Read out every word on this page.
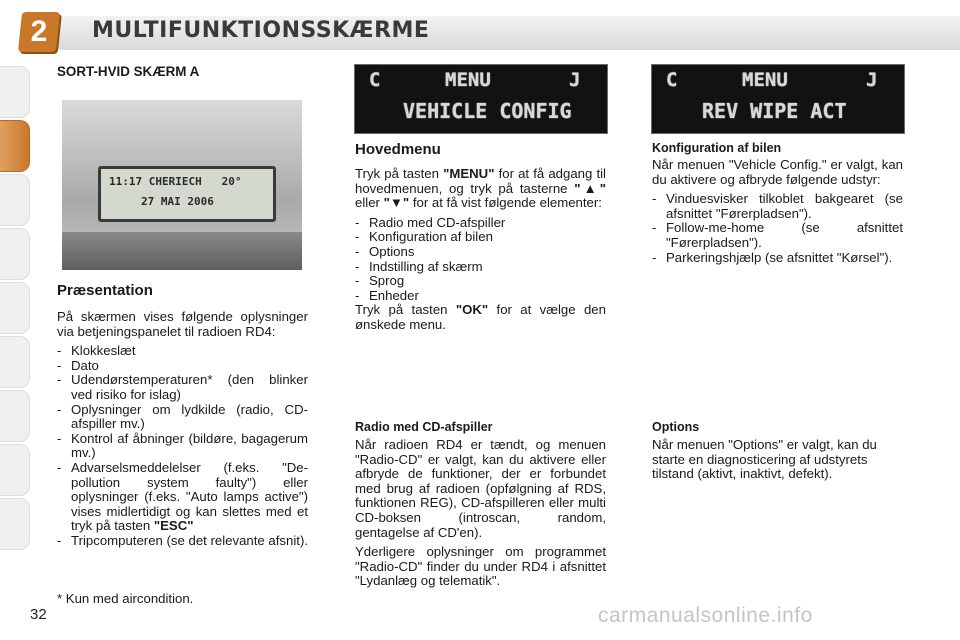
2	MULTIFUNKTIONSSKÆRME
SORT-HVID SKÆRM A
11:17 CHERIECH   20°
27 MAI 2006
Præsentation

På skærmen vises følgende oplysninger via betjeningspanelet til radioen RD4:

- Klokkeslæt
- Dato
- Udendørstemperaturen* (den blinker ved risiko for islag)
- Oplysninger om lydkilde (radio, CD-afspiller mv.)
- Kontrol af åbninger (bildøre, bagagerum mv.)
- Advarselsmeddelelser (f.eks. "De-pollution system faulty") eller oplysninger (f.eks. "Auto lamps active") vises midlertidigt og kan slettes med et tryk på tasten "ESC"
- Tripcomputeren (se det relevante afsnit).
* Kun med aircondition.
C	MENU	J
VEHICLE CONFIG
Hovedmenu

Tryk på tasten "MENU" for at få adgang til hovedmenuen, og tryk på tasterne "▲" eller "▼" for at få vist følgende elementer:

- Radio med CD-afspiller
- Konfiguration af bilen
- Options
- Indstilling af skærm
- Sprog
- Enheder

Tryk på tasten "OK" for at vælge den ønskede menu.

Radio med CD-afspiller

Når radioen RD4 er tændt, og menuen "Radio-CD" er valgt, kan du aktivere eller afbryde de funktioner, der er forbundet med brug af radioen (opfølgning af RDS, funktionen REG), CD-afspilleren eller multi CD-boksen (introscan, random, gentagelse af CD'en).

Yderligere oplysninger om programmet "Radio-CD" finder du under RD4 i afsnittet "Lydanlæg og telematik".

C	MENU	J
REV WIPE ACT
Konfiguration af bilen

Når menuen "Vehicle Config." er valgt, kan du aktivere og afbryde følgende udstyr:

- Vinduesvisker tilkoblet bakgearet (se afsnittet "Førerpladsen").
- Follow-me-home (se afsnittet "Førerpladsen").
- Parkeringshjælp (se afsnittet "Kørsel").
Options
Når menuen "Options" er valgt, kan du starte en diagnosticering af udstyrets tilstand (aktivt, inaktivt, defekt).
32	carmanualsonline.info
